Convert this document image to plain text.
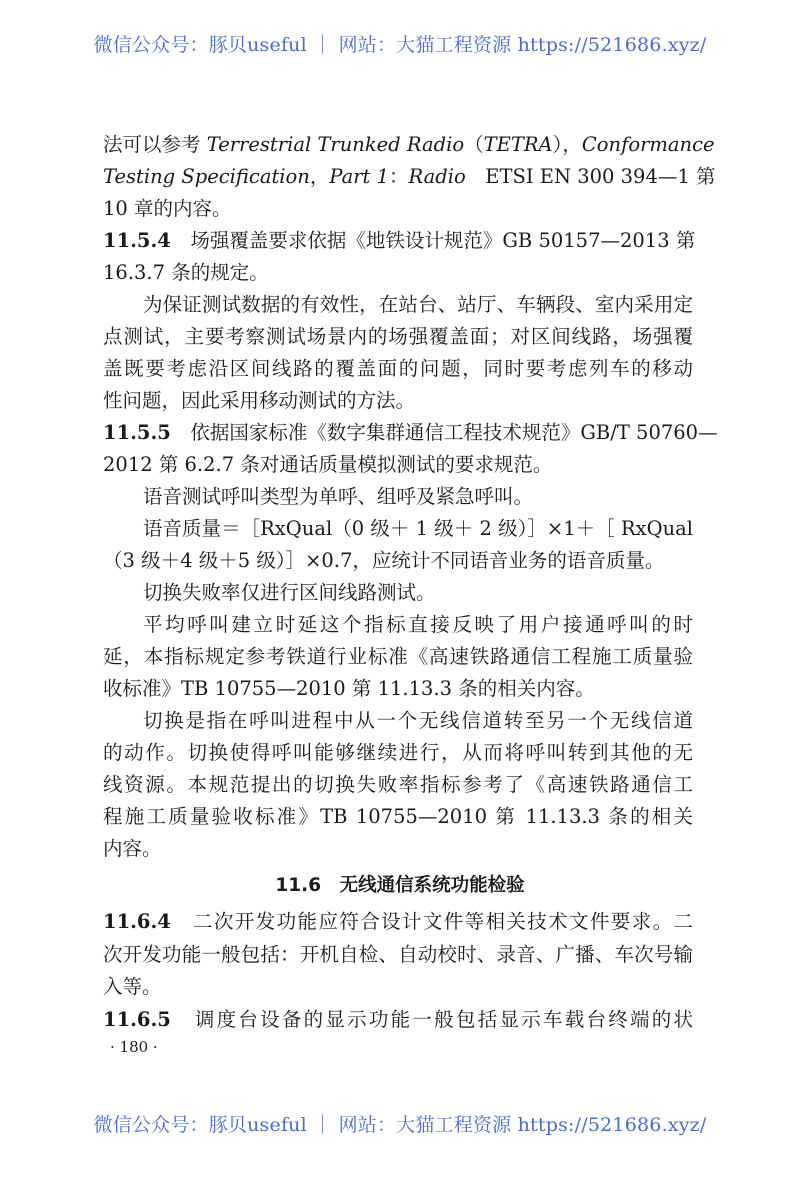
微信公众号：豚贝useful ｜ 网站：大猫工程资源 https://521686.xyz/
法可以参考 Terrestrial Trunked Radio（TETRA），Conformance
Testing Specification，Part 1：Radio　ETSI EN 300 394—1 第
10 章的内容。
11.5.4　场强覆盖要求依据《地铁设计规范》GB 50157—2013 第
16.3.7 条的规定。
为保证测试数据的有效性，在站台、站厅、车辆段、室内采用定
点测试，主要考察测试场景内的场强覆盖面；对区间线路，场强覆
盖既要考虑沿区间线路的覆盖面的问题，同时要考虑列车的移动
性问题，因此采用移动测试的方法。
11.5.5　依据国家标准《数字集群通信工程技术规范》GB/T 50760—
2012 第 6.2.7 条对通话质量模拟测试的要求规范。
语音测试呼叫类型为单呼、组呼及紧急呼叫。
语音质量＝［RxQual（0 级＋ 1 级＋ 2 级）］×1＋［ RxQual
（3 级＋4 级＋5 级）］×0.7，应统计不同语音业务的语音质量。
切换失败率仅进行区间线路测试。
平均呼叫建立时延这个指标直接反映了用户接通呼叫的时
延，本指标规定参考铁道行业标准《高速铁路通信工程施工质量验
收标准》TB 10755—2010 第 11.13.3 条的相关内容。
切换是指在呼叫进程中从一个无线信道转至另一个无线信道
的动作。切换使得呼叫能够继续进行，从而将呼叫转到其他的无
线资源。本规范提出的切换失败率指标参考了《高速铁路通信工
程施工质量验收标准》TB 10755—2010 第 11.13.3 条的相关
内容。
11.6　无线通信系统功能检验
11.6.4　二次开发功能应符合设计文件等相关技术文件要求。二
次开发功能一般包括：开机自检、自动校时、录音、广播、车次号输
入等。
11.6.5　调度台设备的显示功能一般包括显示车载台终端的状
· 180 ·
微信公众号：豚贝useful ｜ 网站：大猫工程资源 https://521686.xyz/
